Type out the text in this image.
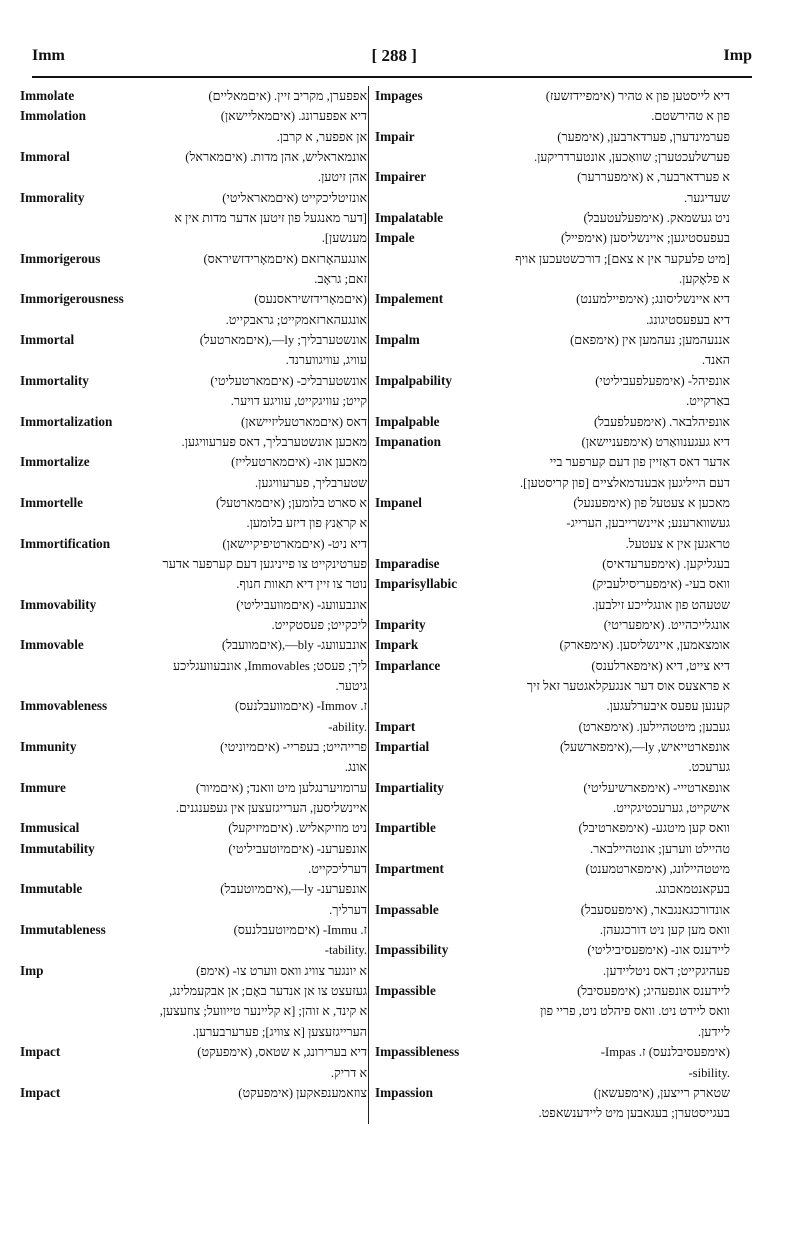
Imm	[ 288 ]	Imp
Immolate	אפפערן, מקריב זיין. (איםמאליים)
Immolation	דיא אפפערונג. (איםמאליישאן)
אן אפפער, א קרבן.
Immoral	אונמאראליש, אהן מדות. (איםמאראל)
אהן זיטען.
Immorality	אונזיטליכקייט (איםמאראליטי)
[דער מאנגעל פון זיטען אדער מדות אין א
מענשען].
Immorigerous	אונגעהאָרזאם (איםמאָרידזשיראס)
זאם; גראָב.
Immorigerousness	(איםמאָרידזשיראסנעס)
אונגעהארזאמקייט; גראבקייט.
Immortal	אונשטערבליך; ly—,(איםמארטעל)
עוויג, עוויגווערנד.
Immortality	אונשטערבליכ- (איםמארטעליטי)
קייט; עוויגקייט, עוויגע דויער.
Immortalization	דאס (איםמארטעליזיישאן)
מאכען אונשטערבליך, דאס פערעוויגען.
Immortalize	מאכען אונ- (איםמארטעלייז)
שטערבליך, פערעוויגען.
Immortelle	א סארט בלומען; (איםמארטעל)
א קראַנץ פון דיזע בלומען.
Immortification	דיא ניט- (איםמארטיפיקיישאן)
פערטינקייט צו פייניגען דעם קערפער אדער
נוטר צו זיין דיא תאוות חנוף.
Immovability	אונבעוועג- (איםמוועביליטי)
ליכקייט; פעסטקייט.
Immovable	אונבעוועג- bly—,(איםמוועבל)
ליך; פעסט; Immovables, אונבעוועגליכע
גיטער.
Immovableness	ז. Immov- (איםמוועבלנעס)
-ability.
Immunity	פרייהייט; בעפריי- (איםמיוניטי)
אונג.
Immure	ערומויערנגלען מיט וואנד; (איםמיור)
איינשליסען, הערייגזעצען אין געפענגנים.
Immusical	ניט מוזיקאליש. (איםמיזיקעל)
Immutability	אונפערענ- (איםמיוטעביליטי)
דערליכקייט.
Immutable	אונפערענ- ly—,(איםמיוטעבל)
דערליך.
Immutableness	ז. Immu- (איםמיוטעבלנעס)
-tability.
Imp	א יונגער צוויג וואס ווערט צו- (אימפ)
געזעצט צו אן אנדער באָם; אן אבקעמלינג,
א קינד, א זוהן; [א קליינער טייוועל; צוזעצען,
הערייגזעצען [א צוויג]; פערערבערען.
Impact	דיא בערירונג, א שטאס, (אימפעקט)
א דריק.
Impact	צוזאמענפאקען (אימפעקט)
Impages	דיא לייסטען פון א טהיר (אימפיידזשעז)
פון א טהירשטם.
Impair	פערמינדערן, פערדארבען, (אימפער)
פערשלעכטערן; שוואַכען, אונטערדריקען.
Impairer	א פערדארבער, א (אימפעררער)
שעדיגער.
Impalatable	ניט געשמאק. (אימפעלעטעבל)
Impale	בעפעסטיגען; איינשליסען (אימפייל)
[מיט פלעקער אין א צאם]; דורכשטעכען אויף
א פלאָקען.
Impalement	דיא איינשליסונג; (אימפיילמענט)
דיא בעפעסטיגונג.
Impalm	אננעהמען; נעהמען אין (אימפאם)
האנד.
Impalpability	אונפיהל- (אימפעלפעביליטי)
באַרקייט.
Impalpable	אונפיהלבאר. (אימפעלפעבל)
Impanation	דיא געגענוואַרט (אימפעניישאן)
אדער דאס דאַזיין פון דעם קערפער ביי
דעם הייליגען אבענדמאלציים [פון קריסטען].
Impanel	מאכען א צעטעל פון (אימפענעל)
געשווארענע; איינשרייבען, הערייג-
טראגען אין א צעטעל.
Imparadise	בעגליקען. (אימפערעדאיס)
Imparisyllabic	וואס בעי- (אימפעריסילעביק)
שטעהט פון אונגלייכע זילבען.
Imparity	אונגלייכהייט. (אימפעריטי)
Impark	אומצאמען, איינשליסען. (אימפארק)
Imparlance	דיא צייט, דיא (אימפארלענס)
א פראצעס אוס דער אנגעקלאגטער זאל זיך
קענען עפעס איבערלעגען.
Impart	געבען; מיטטהיילען. (אימפארט)
Impartial	אונפארטייאיש, ly—,(אימפארשעל)
גערעכט.
Impartiality	אונפארטייי- (אימפארשיעליטי)
אישקייט, גערעכטיגקייט.
Impartible	וואס קען מיטגע- (אימפארטיבל)
טהיילט ווערען; אונטהיילבאר.
Impartment	מיטטהיילונג, (אימפארטמענט)
בעקאנטמאכונג.
Impassable	אונדורכגאנגבאר, (אימפעסעבל)
וואס מען קען ניט דורכגעהן.
Impassibility	ליידענס אונ- (אימפעסיביליטי)
פעהיגקייט; דאס ניטליידען.
Impassible	ליידענס אונפעהיג; (אימפעסיבל)
וואס ליידט ניט. וואס פיהלט ניט, פריי פון
ליידען.
Impassibleness	(אימפעסיבלנעס) ז. Impas-
-sibility.
Impassion	שטארק רייצען, (אימפעשאן)
בעגייסטערן; בעגאבען מיט ליידענשאפט.
